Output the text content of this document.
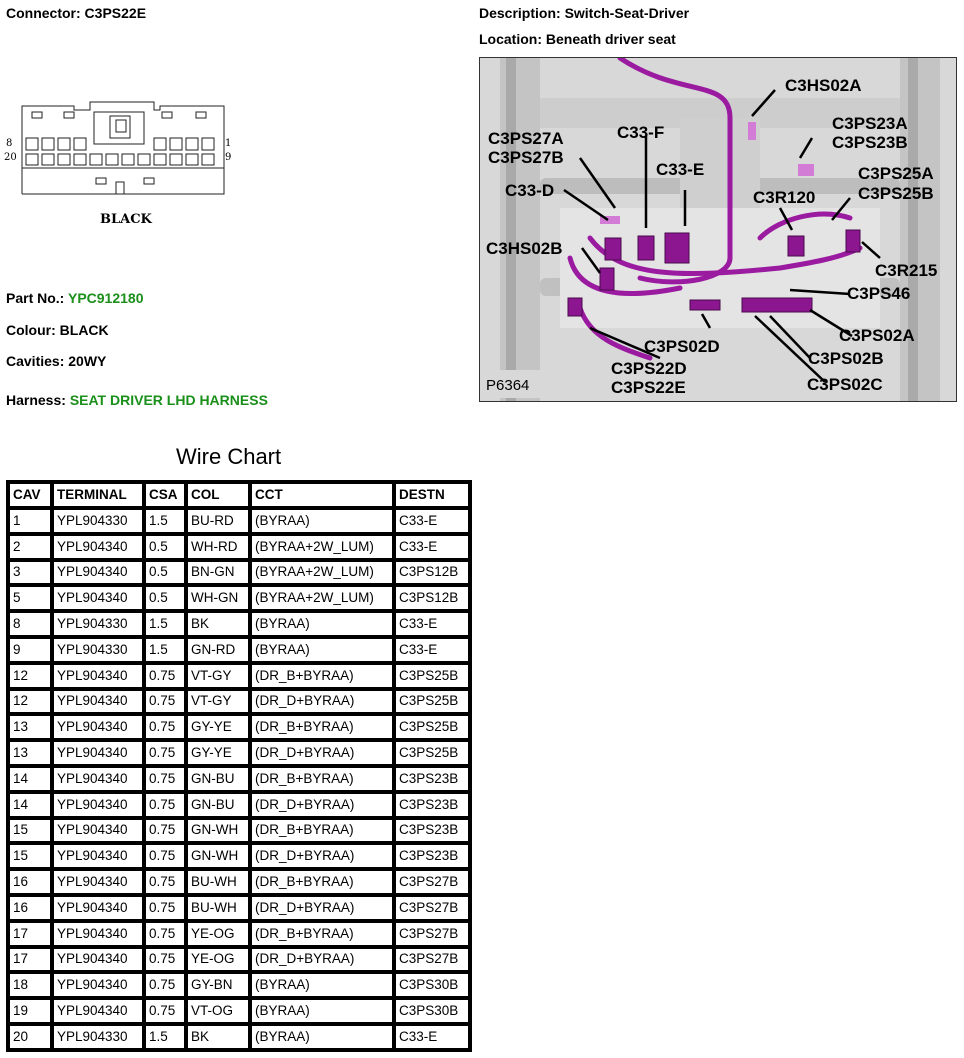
Connector: C3PS22E	Description: Switch-Seat-Driver
Location: Beneath driver seat
8
20
1
9
BLACK
Part No.: YPC912180
Colour: BLACK
Cavities: 20WY
Harness: SEAT DRIVER LHD HARNESS
C3HS02A
C3PS23A
C3PS23B
C3PS27A
C3PS27B
C33-F
C33-E
C33-D	C3R120
C3PS25A
C3PS25B
C3HS02B
C3R215
C3PS46
C3PS02A
C3PS02D
C3PS02B
C3PS22D
C3PS22E	C3PS02C
P6364
Wire Chart
CAV	TERMINAL	CSA	COL	CCT	DESTN
1	YPL904330	1.5	BU-RD	(BYRAA)	C33-E
2	YPL904340	0.5	WH-RD	(BYRAA+2W_LUM)	C33-E
3	YPL904340	0.5	BN-GN	(BYRAA+2W_LUM)	C3PS12B
5	YPL904340	0.5	WH-GN	(BYRAA+2W_LUM)	C3PS12B
8	YPL904330	1.5	BK	(BYRAA)	C33-E
9	YPL904330	1.5	GN-RD	(BYRAA)	C33-E
12	YPL904340	0.75	VT-GY	(DR_B+BYRAA)	C3PS25B
12	YPL904340	0.75	VT-GY	(DR_D+BYRAA)	C3PS25B
13	YPL904340	0.75	GY-YE	(DR_B+BYRAA)	C3PS25B
13	YPL904340	0.75	GY-YE	(DR_D+BYRAA)	C3PS25B
14	YPL904340	0.75	GN-BU	(DR_B+BYRAA)	C3PS23B
14	YPL904340	0.75	GN-BU	(DR_D+BYRAA)	C3PS23B
15	YPL904340	0.75	GN-WH	(DR_B+BYRAA)	C3PS23B
15	YPL904340	0.75	GN-WH	(DR_D+BYRAA)	C3PS23B
16	YPL904340	0.75	BU-WH	(DR_B+BYRAA)	C3PS27B
16	YPL904340	0.75	BU-WH	(DR_D+BYRAA)	C3PS27B
17	YPL904340	0.75	YE-OG	(DR_B+BYRAA)	C3PS27B
17	YPL904340	0.75	YE-OG	(DR_D+BYRAA)	C3PS27B
18	YPL904340	0.75	GY-BN	(BYRAA)	C3PS30B
19	YPL904340	0.75	VT-OG	(BYRAA)	C3PS30B
20	YPL904330	1.5	BK	(BYRAA)	C33-E
